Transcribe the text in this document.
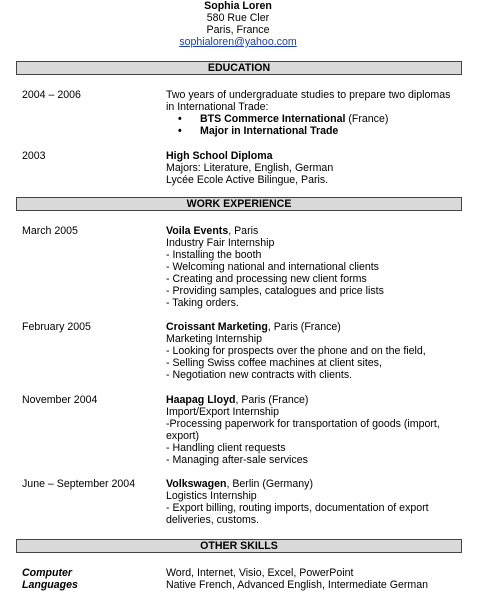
Sophia Loren
580 Rue Cler
Paris, France
sophialoren@yahoo.com
EDUCATION
2004 – 2006	Two years of undergraduate studies to prepare two diplomas
in International Trade:
• BTS Commerce International (France)
• Major in International Trade
2003	High School Diploma
Majors: Literature, English, German
Lycée Ecole Active Bilingue, Paris.
WORK EXPERIENCE
March 2005	Voila Events, Paris
Industry Fair Internship
- Installing the booth
- Welcoming national and international clients
- Creating and processing new client forms
- Providing samples, catalogues and price lists
- Taking orders.
February 2005	Croissant Marketing, Paris (France)
Marketing Internship
- Looking for prospects over the phone and on the field,
- Selling Swiss coffee machines at client sites,
- Negotiation new contracts with clients.
November 2004	Haapag Lloyd, Paris (France)
Import/Export Internship
-Processing paperwork for transportation of goods (import,
export)
- Handling client requests
- Managing after-sale services
June – September 2004	Volkswagen, Berlin (Germany)
Logistics Internship
- Export billing, routing imports, documentation of export
deliveries, customs.
OTHER SKILLS
Computer	Word, Internet, Visio, Excel, PowerPoint
Languages	Native French, Advanced English, Intermediate German
